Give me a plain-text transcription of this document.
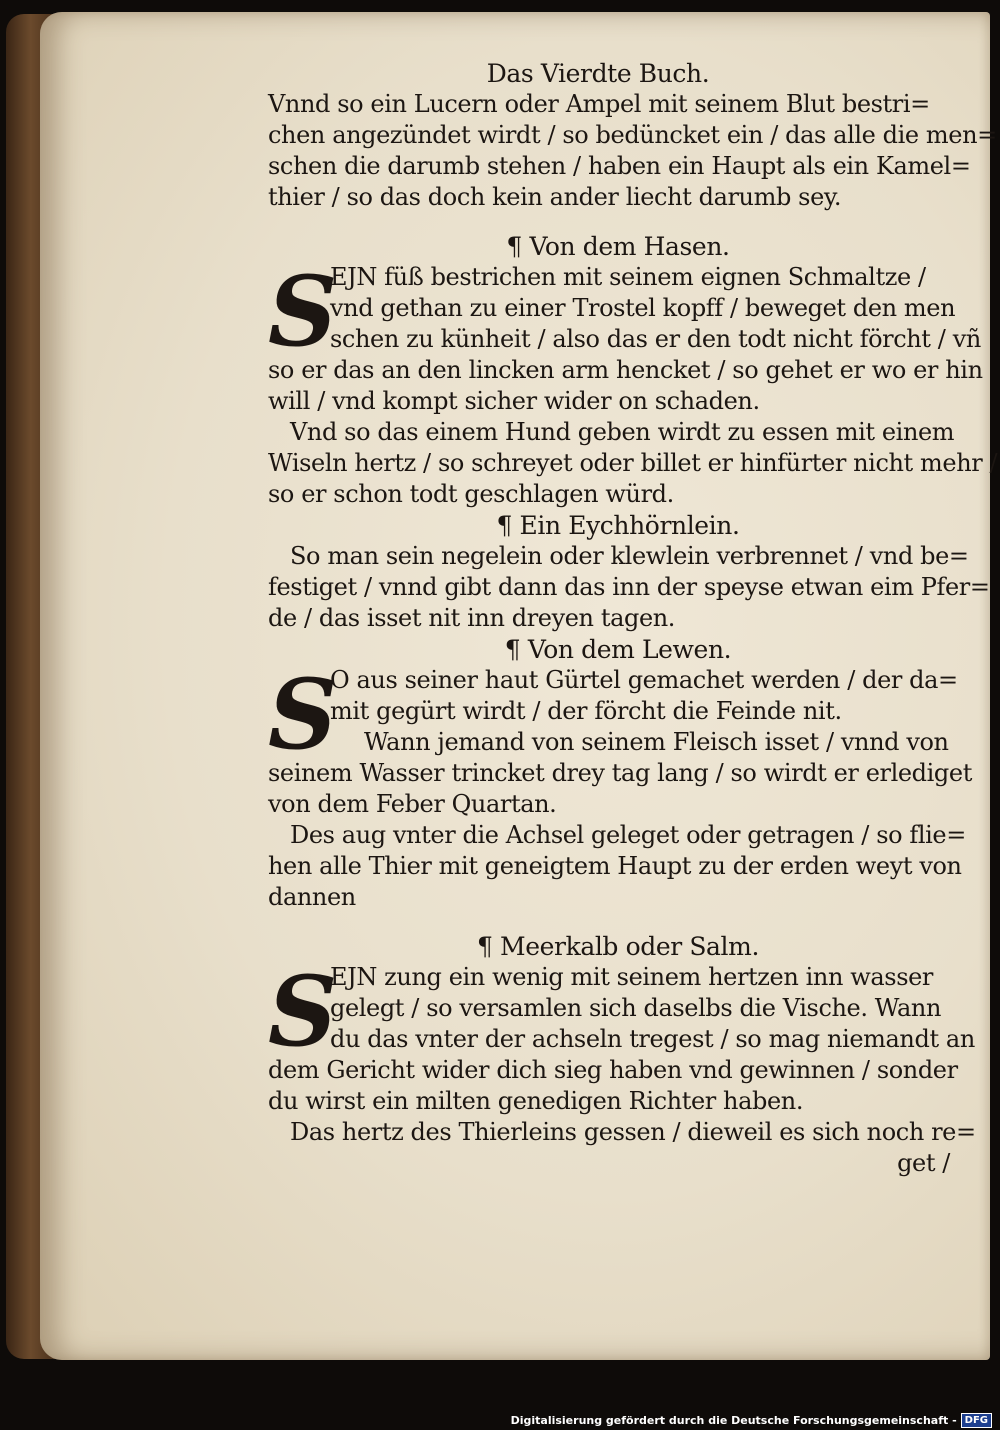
Das Vierdte Buch.
Vnnd so ein Lucern oder Ampel mit seinem Blut bestri=
chen angezündet wirdt / so bedüncket ein / das alle die men=
schen die darumb stehen / haben ein Haupt als ein Kamel=
thier / so das doch kein ander liecht darumb sey.
¶ Von dem Hasen.
S
EJN füß bestrichen mit seinem eignen Schmaltze /
vnd gethan zu einer Trostel kopff / beweget den men
schen zu künheit / also das er den todt nicht förcht / vñ
so er das an den lincken arm hencket / so gehet er wo er hin
will / vnd kompt sicher wider on schaden.
Vnd so das einem Hund geben wirdt zu essen mit einem
Wiseln hertz / so schreyet oder billet er hinfürter nicht mehr /
so er schon todt geschlagen würd.
¶ Ein Eychhörnlein.
So man sein negelein oder klewlein verbrennet / vnd be=
festiget / vnnd gibt dann das inn der speyse etwan eim Pfer=
de / das isset nit inn dreyen tagen.
¶ Von dem Lewen.
S
O aus seiner haut Gürtel gemachet werden / der da=
mit gegürt wirdt / der förcht die Feinde nit.
Wann jemand von seinem Fleisch isset / vnnd von
seinem Wasser trincket drey tag lang / so wirdt er erlediget
von dem Feber Quartan.
Des aug vnter die Achsel geleget oder getragen / so flie=
hen alle Thier mit geneigtem Haupt zu der erden weyt von
dannen
¶ Meerkalb oder Salm.
S
EJN zung ein wenig mit seinem hertzen inn wasser
gelegt / so versamlen sich daselbs die Vische. Wann
du das vnter der achseln tregest / so mag niemandt an
dem Gericht wider dich sieg haben vnd gewinnen / sonder
du wirst ein milten genedigen Richter haben.
Das hertz des Thierleins gessen / dieweil es sich noch re=
get /
Digitalisierung gefördert durch die Deutsche Forschungsgemeinschaft - DFG
